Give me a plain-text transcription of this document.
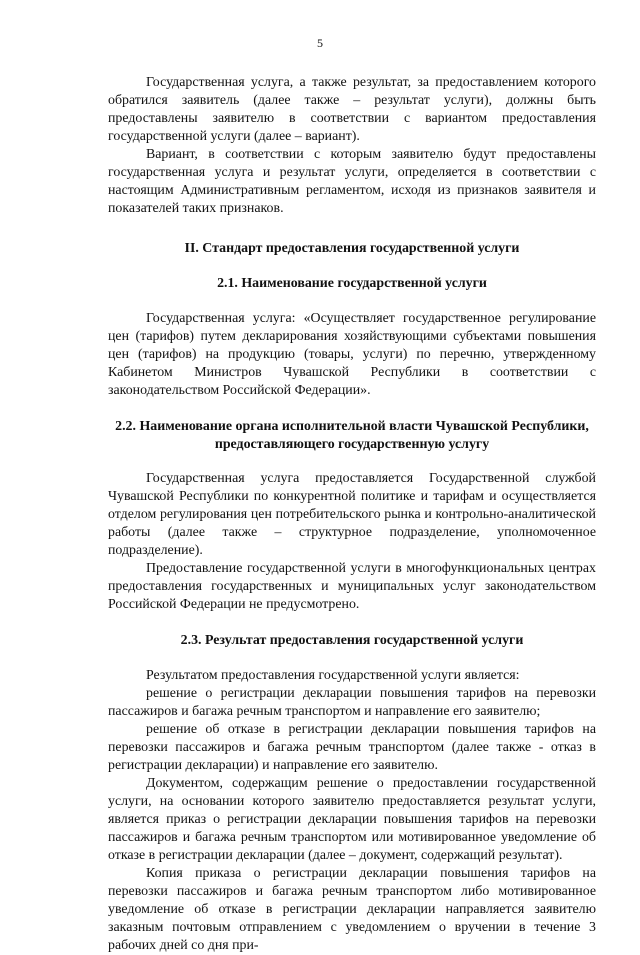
5

Государственная услуга, а также результат, за предоставлением которого обратился заявитель (далее также – результат услуги), должны быть предоставлены заявителю в соответствии с вариантом предоставления государственной услуги (далее – вариант).

Вариант, в соответствии с которым заявителю будут предоставлены государственная услуга и результат услуги, определяется в соответствии с настоящим Административным регламентом, исходя из признаков заявителя и показателей таких признаков.

II. Стандарт предоставления государственной услуги
2.1. Наименование государственной услуги

Государственная услуга: «Осуществляет государственное регулирование цен (тарифов) путем декларирования хозяйствующими субъектами повышения цен (тарифов) на продукцию (товары, услуги) по перечню, утвержденному Кабинетом Министров Чувашской Республики в соответствии с законодательством Российской Федерации».

2.2. Наименование органа исполнительной власти Чувашской Республики,
предоставляющего государственную услугу

Государственная услуга предоставляется Государственной службой Чувашской Республики по конкурентной политике и тарифам и осуществляется отделом регулирования цен потребительского рынка и контрольно-аналитической работы (далее также – структурное подразделение, уполномоченное подразделение).

Предоставление государственной услуги в многофункциональных центрах предоставления государственных и муниципальных услуг законодательством Российской Федерации не предусмотрено.

2.3. Результат предоставления государственной услуги

Результатом предоставления государственной услуги является:

решение о регистрации декларации повышения тарифов на перевозки пассажиров и багажа речным транспортом и направление его заявителю;

решение об отказе в регистрации декларации повышения тарифов на перевозки пассажиров и багажа речным транспортом (далее также - отказ в регистрации декларации) и направление его заявителю.

Документом, содержащим решение о предоставлении государственной услуги, на основании которого заявителю предоставляется результат услуги, является приказ о регистрации декларации повышения тарифов на перевозки пассажиров и багажа речным транспортом или мотивированное уведомление об отказе в регистрации декларации (далее – документ, содержащий результат).

Копия приказа о регистрации декларации повышения тарифов на перевозки пассажиров и багажа речным транспортом либо мотивированное уведомление об отказе в регистрации декларации направляется заявителю заказным почтовым отправлением с уведомлением о вручении в течение 3 рабочих дней со дня при-
